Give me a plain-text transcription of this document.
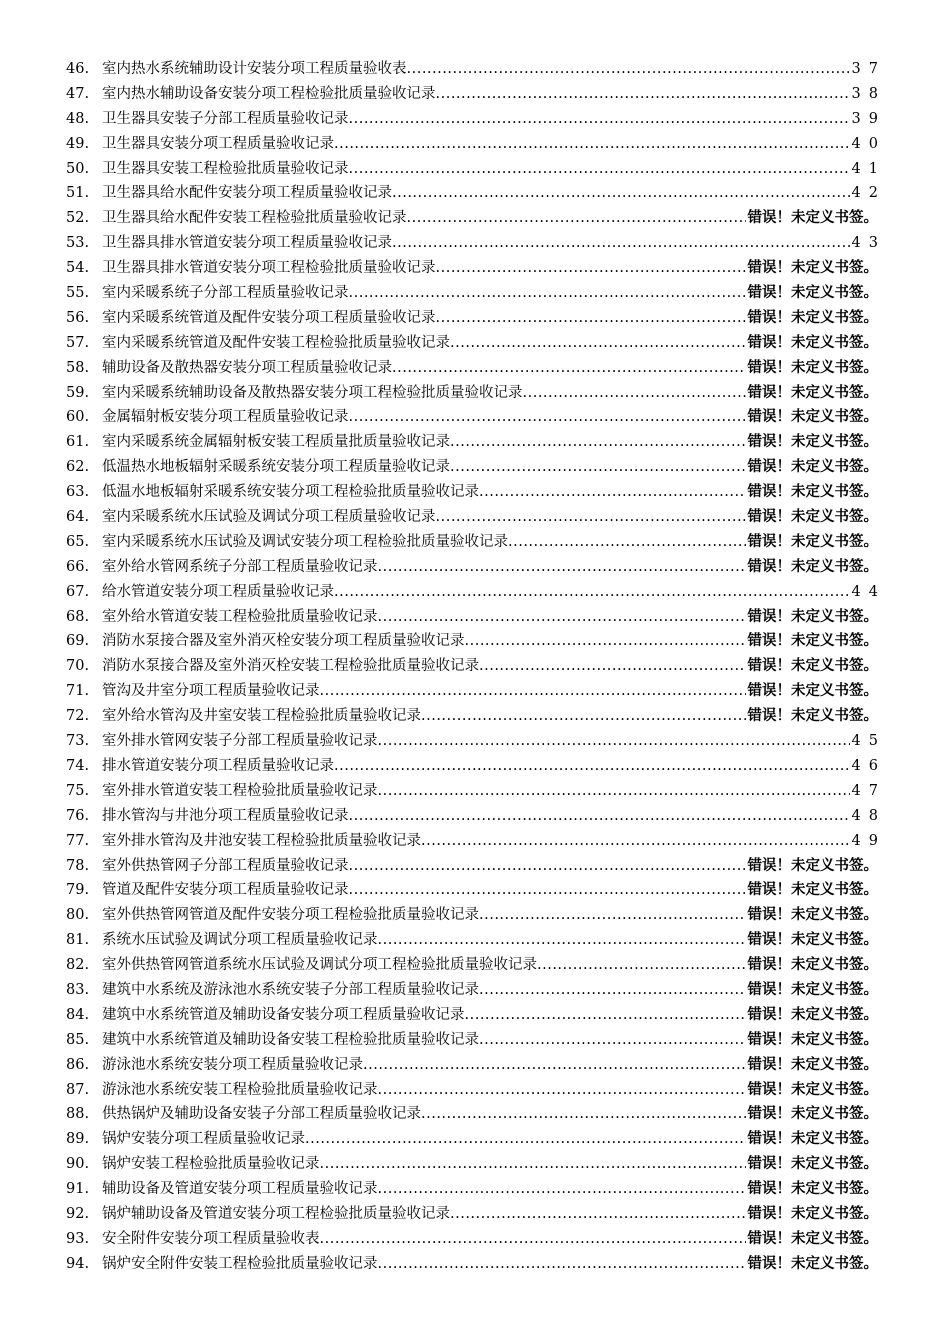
46. 室内热水系统辅助设计安装分项工程质量验收表 .....	37
47. 室内热水辅助设备安装分项工程检验批质量验收记录 .....	38
48. 卫生器具安装子分部工程质量验收记录 .....	39
49. 卫生器具安装分项工程质量验收记录 .....	40
50. 卫生器具安装工程检验批质量验收记录 .....	41
51. 卫生器具给水配件安装分项工程质量验收记录 .....	42
52. 卫生器具给水配件安装工程检验批质量验收记录 .....	错误！未定义书签。
53. 卫生器具排水管道安装分项工程质量验收记录 .....	43
54. 卫生器具排水管道安装分项工程检验批质量验收记录 .....	错误！未定义书签。
55. 室内采暖系统子分部工程质量验收记录 .....	错误！未定义书签。
56. 室内采暖系统管道及配件安装分项工程质量验收记录 .....	错误！未定义书签。
57. 室内采暖系统管道及配件安装工程检验批质量验收记录 .....	错误！未定义书签。
58. 辅助设备及散热器安装分项工程质量验收记录 .....	错误！未定义书签。
59. 室内采暖系统辅助设备及散热器安装分项工程检验批质量验收记录 .....	错误！未定义书签。
60. 金属辐射板安装分项工程质量验收记录 .....	错误！未定义书签。
61. 室内采暖系统金属辐射板安装工程质量批质量验收记录 .....	错误！未定义书签。
62. 低温热水地板辐射采暖系统安装分项工程质量验收记录 .....	错误！未定义书签。
63. 低温水地板辐射采暖系统安装分项工程检验批质量验收记录 .....	错误！未定义书签。
64. 室内采暖系统水压试验及调试分项工程质量验收记录 .....	错误！未定义书签。
65. 室内采暖系统水压试验及调试安装分项工程检验批质量验收记录 .....	错误！未定义书签。
66. 室外给水管网系统子分部工程质量验收记录 .....	错误！未定义书签。
67. 给水管道安装分项工程质量验收记录 .....	44
68. 室外给水管道安装工程检验批质量验收记录 .....	错误！未定义书签。
69. 消防水泵接合器及室外消灭栓安装分项工程质量验收记录 .....	错误！未定义书签。
70. 消防水泵接合器及室外消灭栓安装工程检验批质量验收记录 .....	错误！未定义书签。
71. 管沟及井室分项工程质量验收记录 .....	错误！未定义书签。
72. 室外给水管沟及井室安装工程检验批质量验收记录 .....	错误！未定义书签。
73. 室外排水管网安装子分部工程质量验收记录 .....	45
74. 排水管道安装分项工程质量验收记录 .....	46
75. 室外排水管道安装工程检验批质量验收记录 .....	47
76. 排水管沟与井池分项工程质量验收记录 .....	48
77. 室外排水管沟及井池安装工程检验批质量验收记录 .....	49
78. 室外供热管网子分部工程质量验收记录 .....	错误！未定义书签。
79. 管道及配件安装分项工程质量验收记录 .....	错误！未定义书签。
80. 室外供热管网管道及配件安装分项工程检验批质量验收记录 .....	错误！未定义书签。
81. 系统水压试验及调试分项工程质量验收记录 .....	错误！未定义书签。
82. 室外供热管网管道系统水压试验及调试分项工程检验批质量验收记录 .....	错误！未定义书签。
83. 建筑中水系统及游泳池水系统安装子分部工程质量验收记录 .....	错误！未定义书签。
84. 建筑中水系统管道及辅助设备安装分项工程质量验收记录 .....	错误！未定义书签。
85. 建筑中水系统管道及辅助设备安装工程检验批质量验收记录 .....	错误！未定义书签。
86. 游泳池水系统安装分项工程质量验收记录 .....	错误！未定义书签。
87. 游泳池水系统安装工程检验批质量验收记录 .....	错误！未定义书签。
88. 供热锅炉及辅助设备安装子分部工程质量验收记录 .....	错误！未定义书签。
89. 锅炉安装分项工程质量验收记录 .....	错误！未定义书签。
90. 锅炉安装工程检验批质量验收记录 .....	错误！未定义书签。
91. 辅助设备及管道安装分项工程质量验收记录 .....	错误！未定义书签。
92. 锅炉辅助设备及管道安装分项工程检验批质量验收记录 .....	错误！未定义书签。
93. 安全附件安装分项工程质量验收表 .....	错误！未定义书签。
94. 锅炉安全附件安装工程检验批质量验收记录 .....	错误！未定义书签。
